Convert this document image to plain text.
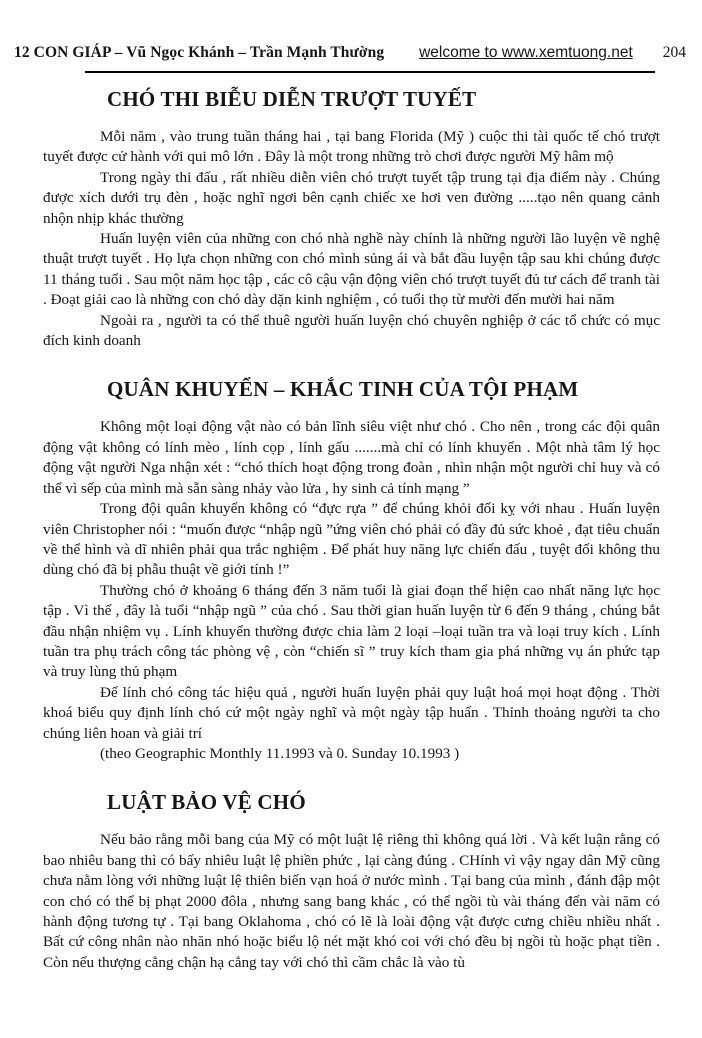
12 CON GIÁP – Vũ Ngọc Khánh – Trần Mạnh Thường welcome to www.xemtuong.net 204
CHÓ THI BIỄU DIỄN TRƯỢT TUYẾT

Mỗi năm , vào trung tuần tháng hai , tại bang Florida (Mỹ ) cuộc thi tài quốc tế chó trượt tuyết được cử hành với qui mô lớn . Đây là một trong những trò chơi được người Mỹ hâm mộ

Trong ngày thi đấu , rất nhiều diễn viên chó trượt tuyết tập trung tại địa điểm này . Chúng được xích dưới trụ đèn , hoặc nghĩ ngơi bên cạnh chiếc xe hơi ven đường .....tạo nên quang cảnh nhộn nhịp khác thường

Huấn luyện viên của những con chó nhà nghề này chính là những người lão luyện về nghệ thuật trượt tuyết . Họ lựa chọn những con chó mình sủng ái và bắt đầu luyện tập sau khi chúng được 11 tháng tuổi . Sau một năm học tập , các cô cậu vận động viên chó trượt tuyết đủ tư cách để tranh tài . Đoạt giải cao là những con chó dày dặn kinh nghiệm , có tuổi thọ từ mười đến mười hai năm

Ngoài ra , người ta có thể thuê người huấn luyện chó chuyên nghiệp ở các tổ chức có mục đích kinh doanh

QUÂN KHUYỂN – KHẮC TINH CỦA TỘI PHẠM

Không một loại động vật nào có bản lĩnh siêu việt như chó . Cho nên , trong các đội quân động vật không có lính mèo , lính cọp , lính gấu .......mà chỉ có lính khuyển . Một nhà tâm lý học động vật người Nga nhận xét : “chó thích hoạt động trong đoàn , nhìn nhận một người chỉ huy và có thể vì sếp của mình mà sẵn sàng nhảy vào lửa , hy sinh cả tính mạng ”

Trong đội quân khuyển không có “đực rựa ” để chúng khỏi đối kỵ với nhau . Huấn luyện viên Christopher nói : “muốn được “nhập ngũ ”ứng viên chó phải có đầy đủ sức khoẻ , đạt tiêu chuẩn về thể hình và dĩ nhiên phải qua trắc nghiệm . Để phát huy năng lực chiến đấu , tuyệt đối không thu dùng chó đã bị phẫu thuật về giới tính !”

Thường chó ở khoảng 6 tháng đến 3 năm tuổi là giai đoạn thể hiện cao nhất năng lực học tập . Vì thế , đây là tuổi “nhập ngũ ” của chó . Sau thời gian huấn luyện từ 6 đến 9 tháng , chúng bắt đầu nhận nhiệm vụ . Lính khuyển thường được chia làm 2 loại –loại tuần tra và loại truy kích . Lính tuần tra phụ trách công tác phòng vệ , còn “chiến sĩ ” truy kích tham gia phá những vụ án phức tạp và truy lùng thủ phạm

Để lính chó công tác hiệu quả , người huấn luyện phải quy luật hoá mọi hoạt động . Thời khoá biểu quy định lính chó cứ một ngày nghĩ và một ngày tập huấn . Thỉnh thoảng người ta cho chúng liên hoan và giải trí

(theo Geographic Monthly 11.1993 và 0. Sunday 10.1993 )

LUẬT BẢO VỆ CHÓ

Nếu bảo rằng mỗi bang của Mỹ có một luật lệ riêng thì không quá lời . Và kết luận rằng có bao nhiêu bang thì có bấy nhiêu luật lệ phiền phức , lại càng đúng . CHính vì vậy ngay dân Mỹ cũng chưa nằm lòng với những luật lệ thiên biến vạn hoá ở nước mình . Tại bang của mình , đánh đập một con chó có thể bị phạt 2000 đôla , nhưng sang bang khác , có thể ngồi tù vài tháng đến vài năm có hành động tương tự . Tại bang Oklahoma , chó có lẽ là loài động vật được cưng chiều nhiều nhất . Bất cứ công nhân nào nhăn nhó hoặc biểu lộ nét mặt khó coi với chó đều bị ngồi tù hoặc phạt tiền . Còn nếu thượng cẳng chận hạ cẳng tay với chó thì cầm chắc là vào tù
